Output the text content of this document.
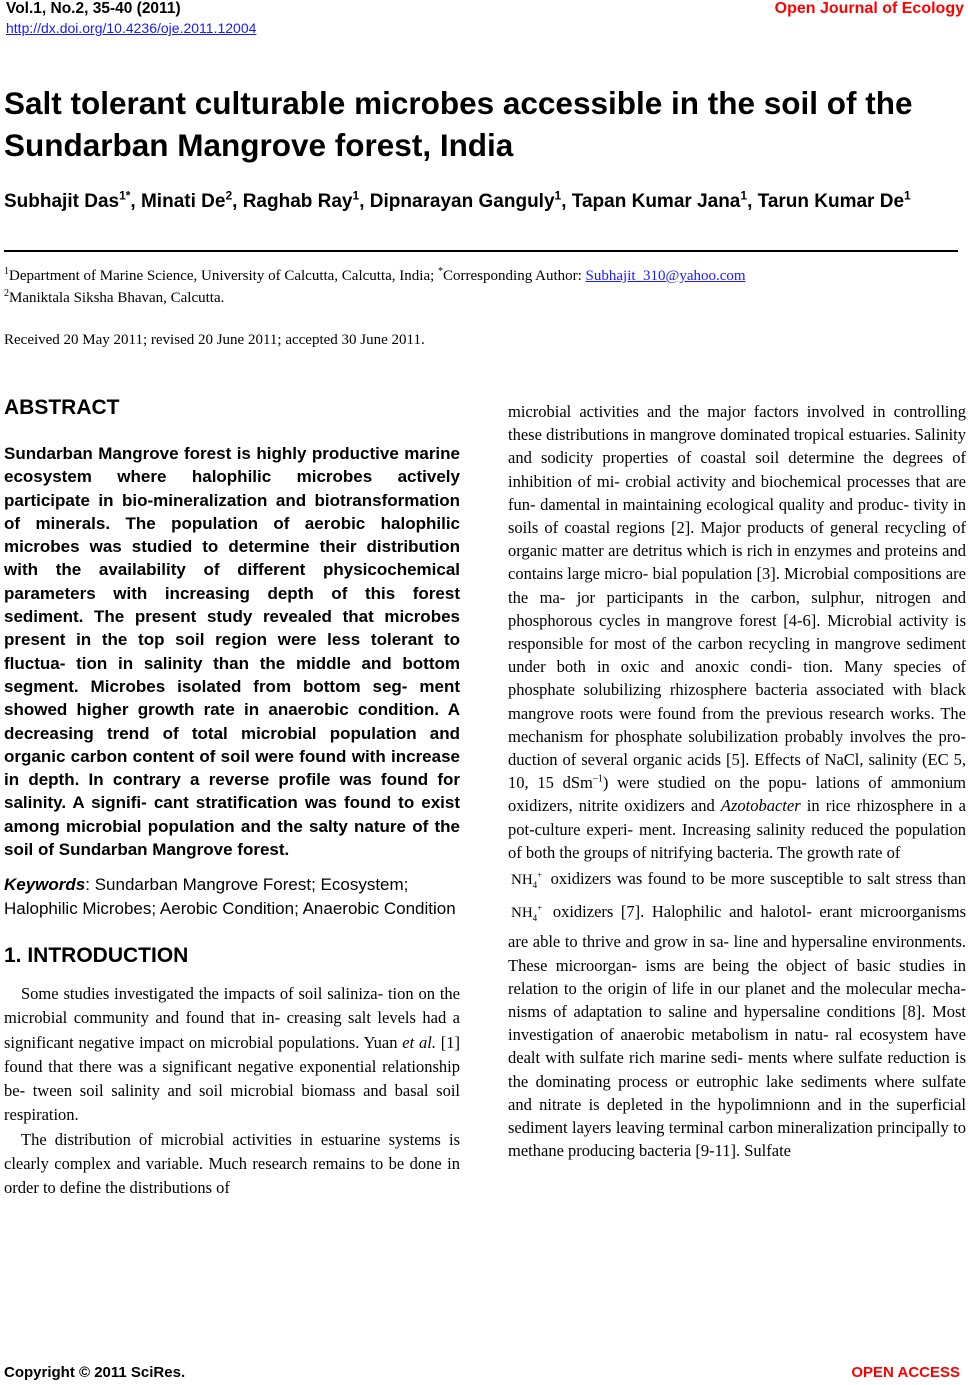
Vol.1, No.2, 35-40 (2011)
http://dx.doi.org/10.4236/oje.2011.12004
Open Journal of Ecology
Salt tolerant culturable microbes accessible in the soil of the Sundarban Mangrove forest, India
Subhajit Das$^{1*}$, Minati De$^2$, Raghab Ray$^1$, Dipnarayan Ganguly$^1$, Tapan Kumar Jana$^1$, Tarun Kumar De$^1$
$^1$Department of Marine Science, University of Calcutta, Calcutta, India; *Corresponding Author: Subhajit_310@yahoo.com
$^2$Maniktala Siksha Bhavan, Calcutta.
Received 20 May 2011; revised 20 June 2011; accepted 30 June 2011.
ABSTRACT

Sundarban Mangrove forest is highly productive marine ecosystem where halophilic microbes actively participate in bio-mineralization and biotransformation of minerals. The population of aerobic halophilic microbes was studied to determine their distribution with the availability of different physicochemical parameters with increasing depth of this forest sediment. The present study revealed that microbes present in the top soil region were less tolerant to fluctua- tion in salinity than the middle and bottom segment. Microbes isolated from bottom seg- ment showed higher growth rate in anaerobic condition. A decreasing trend of total microbial population and organic carbon content of soil were found with increase in depth. In contrary a reverse profile was found for salinity. A signifi- cant stratification was found to exist among microbial population and the salty nature of the soil of Sundarban Mangrove forest.

Keywords: Sundarban Mangrove Forest; Ecosystem; Halophilic Microbes; Aerobic Condition; Anaerobic Condition

1. INTRODUCTION

Some studies investigated the impacts of soil saliniza- tion on the microbial community and found that in- creasing salt levels had a significant negative impact on microbial populations. Yuan et al. [1] found that there was a significant negative exponential relationship be- tween soil salinity and soil microbial biomass and basal soil respiration.

The distribution of microbial activities in estuarine systems is clearly complex and variable. Much research remains to be done in order to define the distributions of

microbial activities and the major factors involved in controlling these distributions in mangrove dominated tropical estuaries. Salinity and sodicity properties of coastal soil determine the degrees of inhibition of mi- crobial activity and biochemical processes that are fun- damental in maintaining ecological quality and produc- tivity in soils of coastal regions [2]. Major products of general recycling of organic matter are detritus which is rich in enzymes and proteins and contains large micro- bial population [3]. Microbial compositions are the ma- jor participants in the carbon, sulphur, nitrogen and phosphorous cycles in mangrove forest [4-6]. Microbial activity is responsible for most of the carbon recycling in mangrove sediment under both in oxic and anoxic condi- tion. Many species of phosphate solubilizing rhizosphere bacteria associated with black mangrove roots were found from the previous research works. The mechanism for phosphate solubilization probably involves the pro- duction of several organic acids [5]. Effects of NaCl, salinity (EC 5, 10, 15 dSm$^{-1}$) were studied on the popu- lations of ammonium oxidizers, nitrite oxidizers and Azotobacter in rice rhizosphere in a pot-culture experi- ment. Increasing salinity reduced the population of both the groups of nitrifying bacteria. The growth rate of
$NH_4^+$ oxidizers was found to be more susceptible to salt stress than $NH_4^+$ oxidizers [7]. Halophilic and halotol- erant microorganisms are able to thrive and grow in sa- line and hypersaline environments. These microorgan- isms are being the object of basic studies in relation to the origin of life in our planet and the molecular mecha- nisms of adaptation to saline and hypersaline conditions [8]. Most investigation of anaerobic metabolism in natu- ral ecosystem have dealt with sulfate rich marine sedi- ments where sulfate reduction is the dominating process or eutrophic lake sediments where sulfate and nitrate is depleted in the hypolimnionn and in the superficial sediment layers leaving terminal carbon mineralization principally to methane producing bacteria [9-11]. Sulfate

Copyright © 2011 SciRes.	OPEN ACCESS
